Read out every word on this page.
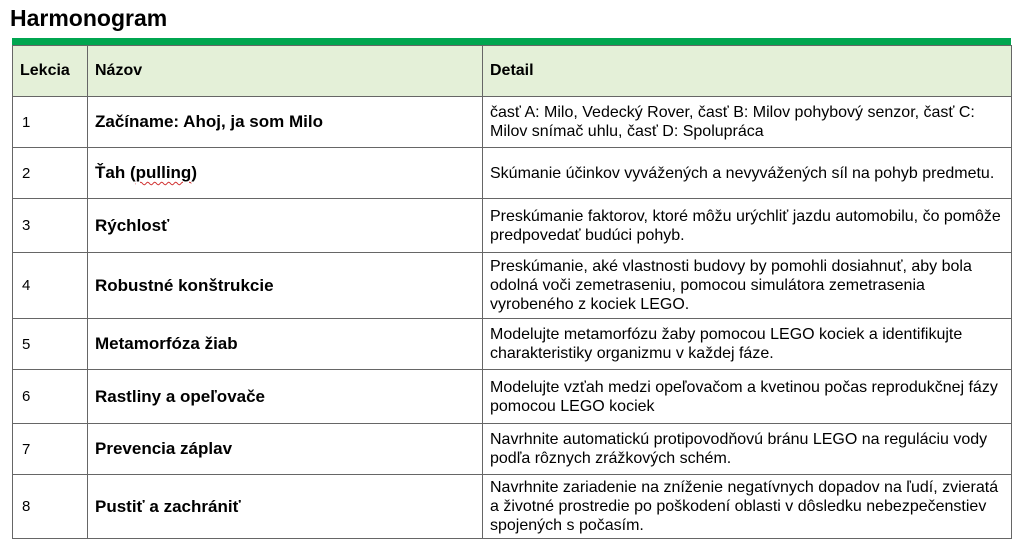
Harmonogram
Lekcia	Názov	Detail
1	Začíname: Ahoj, ja som Milo	časť A: Milo, Vedecký Rover, časť B: Milov pohybový senzor, časť C: Milov snímač uhlu, časť D: Spolupráca
2	Ťah (pulling)	Skúmanie účinkov vyvážených a nevyvážených síl na pohyb predmetu.
3	Rýchlosť	Preskúmanie faktorov, ktoré môžu urýchliť jazdu automobilu, čo pomôže predpovedať budúci pohyb.
4	Robustné konštrukcie	Preskúmanie, aké vlastnosti budovy by pomohli dosiahnuť, aby bola odolná voči zemetraseniu, pomocou simulátora zemetrasenia vyrobeného z kociek LEGO.
5	Metamorfóza žiab	Modelujte metamorfózu žaby pomocou LEGO kociek a identifikujte charakteristiky organizmu v každej fáze.
6	Rastliny a opeľovače	Modelujte vzťah medzi opeľovačom a kvetinou počas reprodukčnej fázy pomocou LEGO kociek
7	Prevencia záplav	Navrhnite automatickú protipovodňovú bránu LEGO na reguláciu vody podľa rôznych zrážkových schém.
8	Pustiť a zachrániť	Navrhnite zariadenie na zníženie negatívnych dopadov na ľudí, zvieratá a životné prostredie po poškodení oblasti v dôsledku nebezpečenstiev spojených s počasím.
